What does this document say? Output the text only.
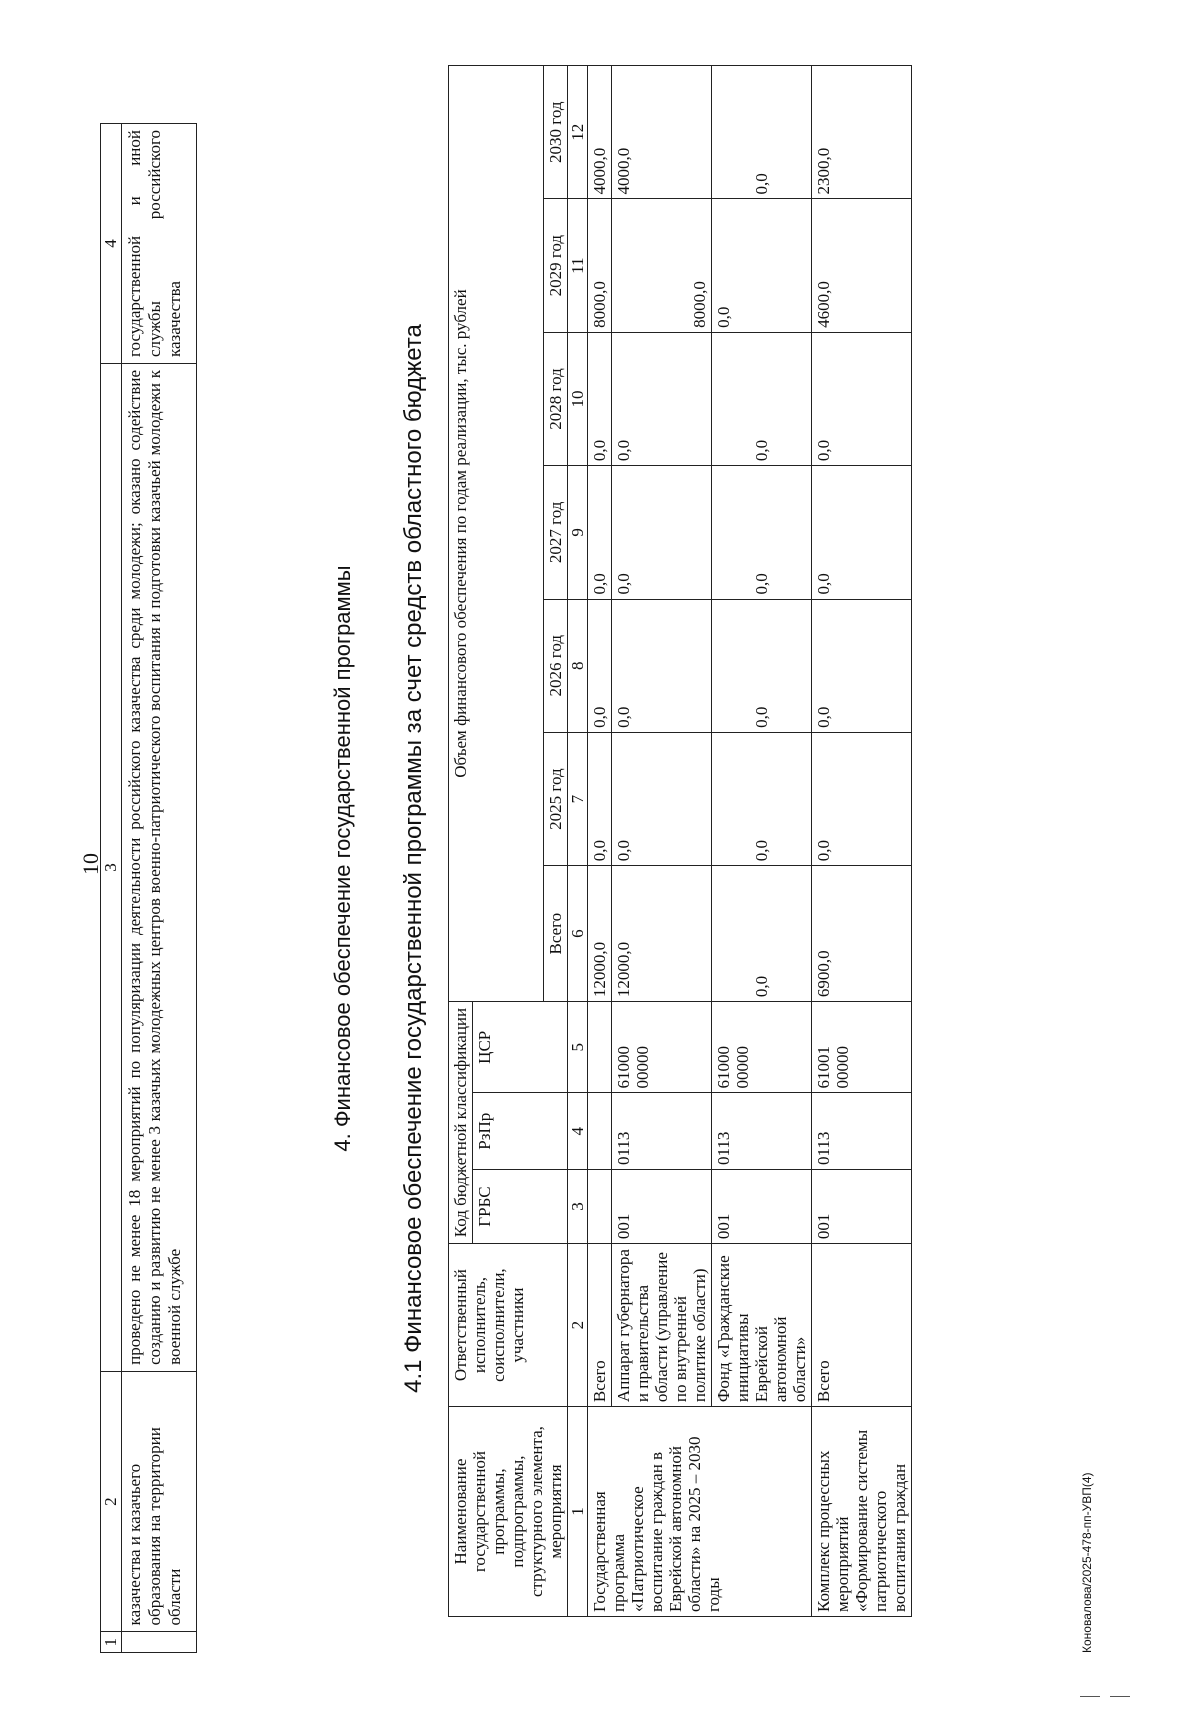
10
1	2	3	4
	казачества и казачьего образования на территории области	проведено не менее 18 мероприятий по популяризации деятельности российского казачества среди молодежи; оказано содействие созданию и развитию не менее 3 казачьих молодежных центров военно-патриотического воспитания и подготовки казачьей молодежи к военной службе	государственной и иной службы российского казачества
4. Финансовое обеспечение государственной программы 4.1 Финансовое обеспечение государственной программы за счет средств областного бюджета
Наименование государственной программы, подпрограммы, структурного элемента, мероприятия	Ответственный исполнитель, соисполнители, участники	Код бюджетной классификации			Объем финансового обеспечения по годам реализации, тыс. рублей						
		ГРБС	РзПр	ЦСР							
					Всего	2025 год	2026 год	2027 год	2028 год	2029 год	2030 год
1	2	3	4	5	6	7	8	9	10	11	12
Государственная программа «Патриотическое воспитание граждан в Еврейской автономной области» на 2025 – 2030 годы	Всего				12000,0	0,0	0,0	0,0	0,0	8000,0	4000,0
	Аппарат губернатора и правительства области (управление по внутренней политике области)	001	0113	61000 00000	12000,0	0,0	0,0	0,0	0,0	8000,0	4000,0
	Фонд «Гражданские инициативы Еврейской автономной области»	001	0113	61000 00000	0,0	0,0	0,0	0,0	0,0	0,0	0,0
Комплекс процессных мероприятий «Формирование системы патриотического воспитания граждан	Всего	001	0113	61001 00000	6900,0	0,0	0,0	0,0	0,0	4600,0	2300,0
Коновалова/2025-478-пп-УВП(4)
